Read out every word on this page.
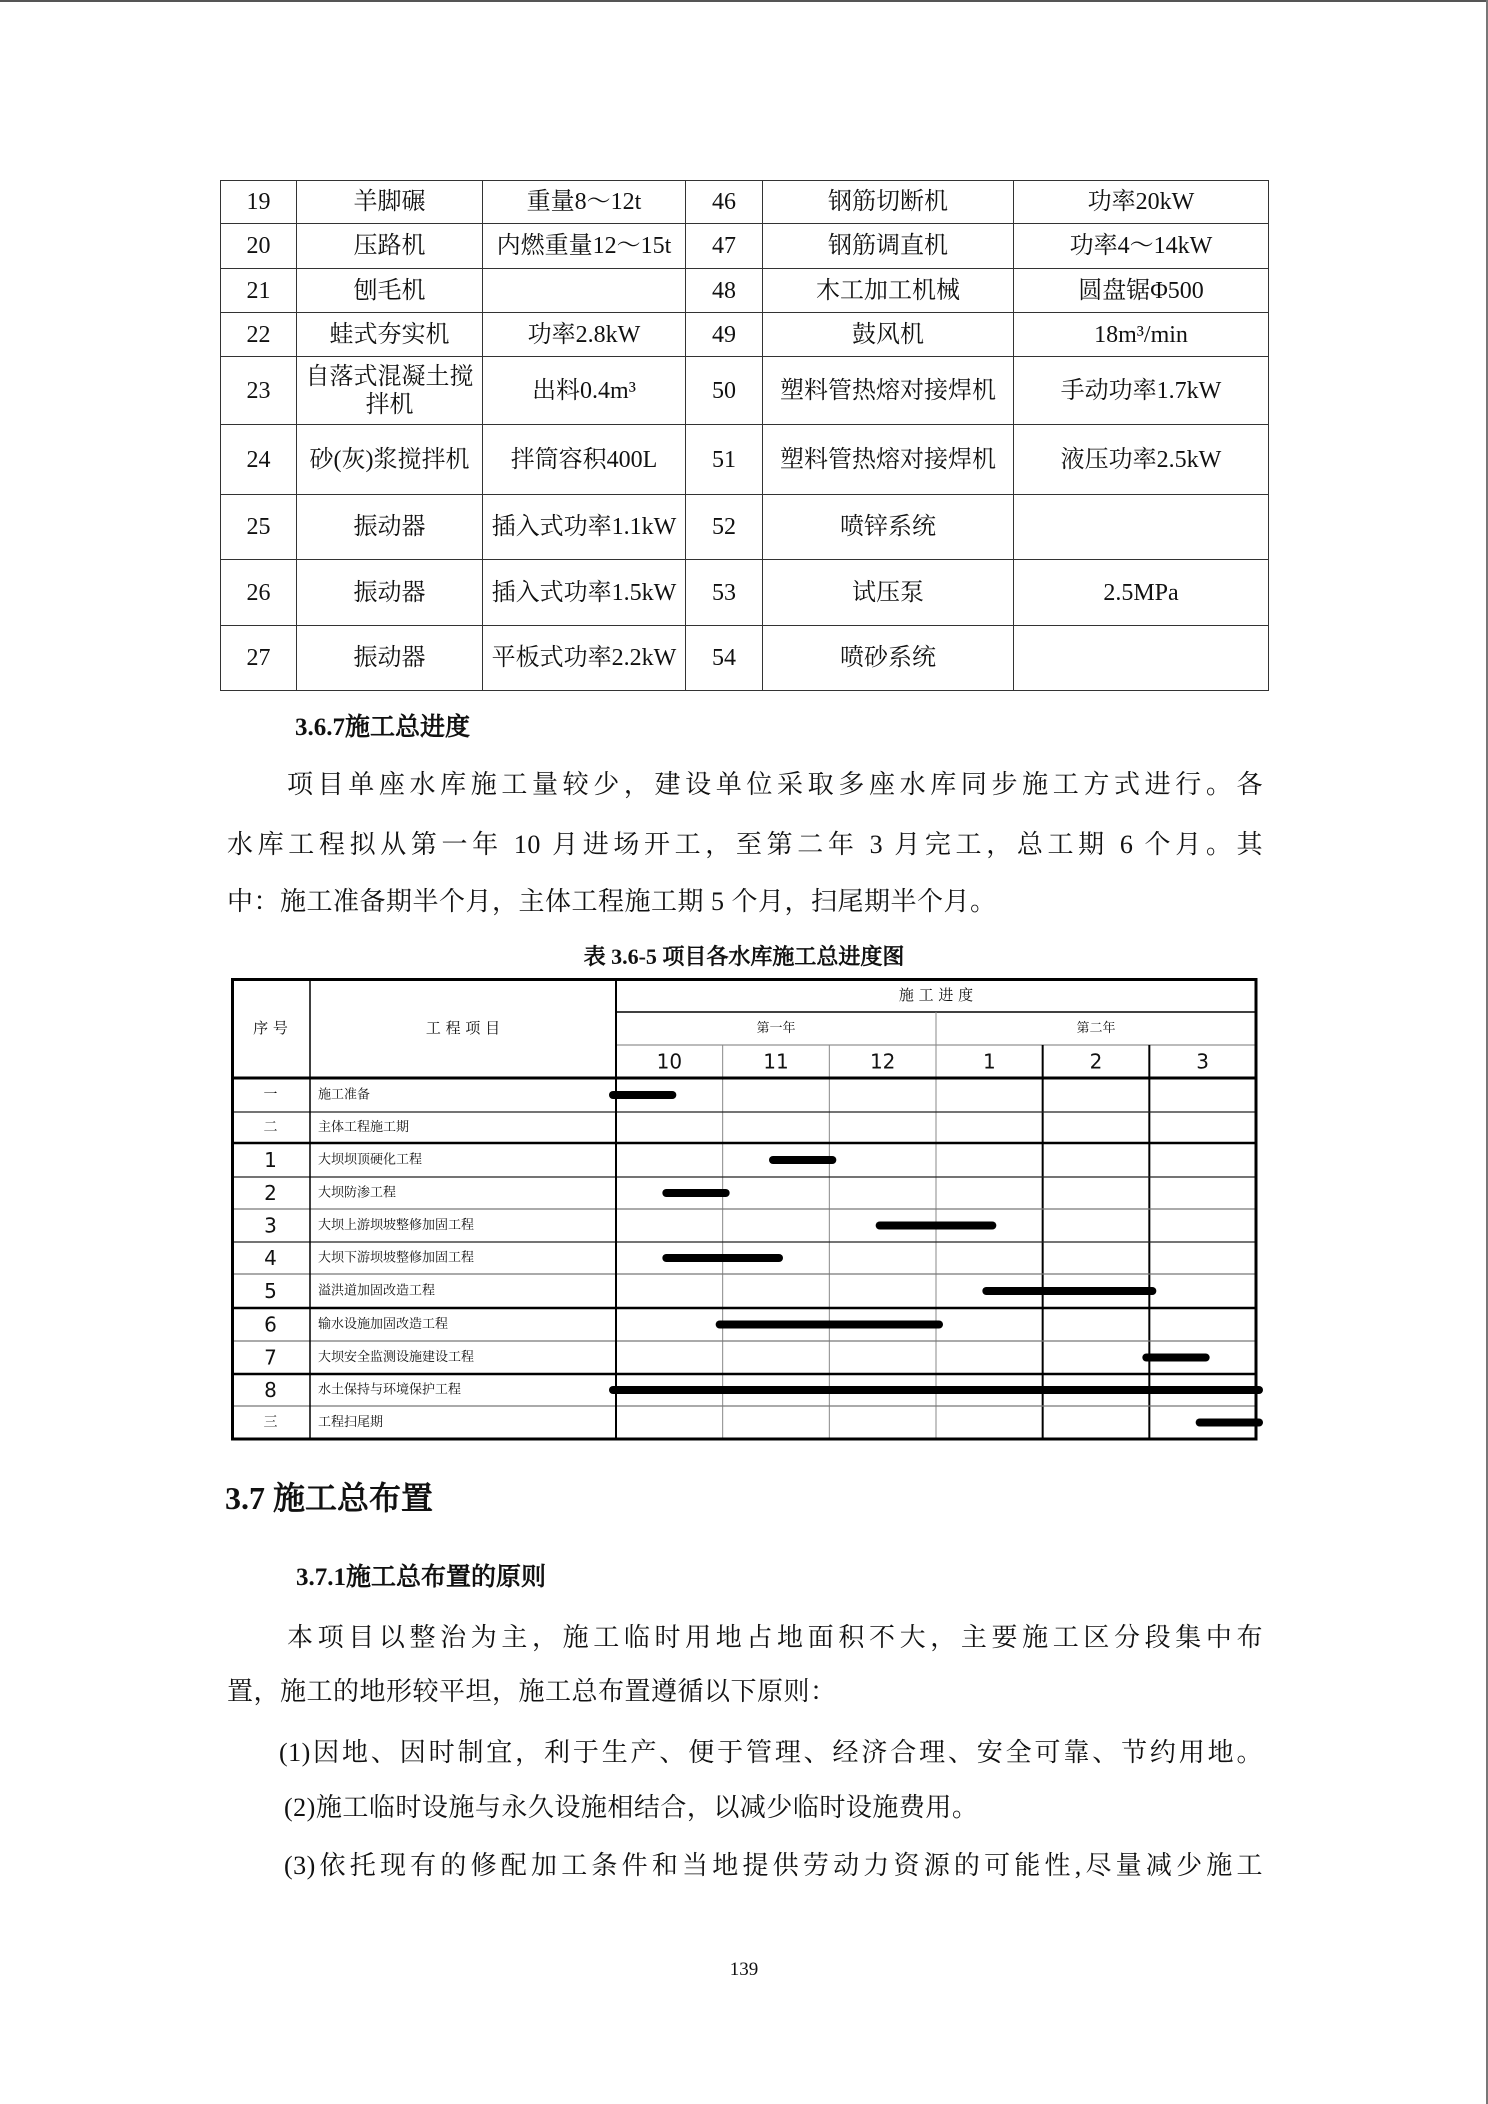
19	羊脚碾	重量8～12t	46	钢筋切断机	功率20kW
20	压路机	内燃重量12～15t	47	钢筋调直机	功率4～14kW
21	刨毛机		48	木工加工机械	圆盘锯Φ500
22	蛙式夯实机	功率2.8kW	49	鼓风机	18m³/min
23	自落式混凝土搅拌机	出料0.4m³	50	塑料管热熔对接焊机	手动功率1.7kW
24	砂(灰)浆搅拌机	拌筒容积400L	51	塑料管热熔对接焊机	液压功率2.5kW
25	振动器	插入式功率1.1kW	52	喷锌系统	
26	振动器	插入式功率1.5kW	53	试压泵	2.5MPa
27	振动器	平板式功率2.2kW	54	喷砂系统	
3.6.7施工总进度
项目单座水库施工量较少，建设单位采取多座水库同步施工方式进行。各
水库工程拟从第一年 10 月进场开工，至第二年 3 月完工，总工期 6 个月。其
中：施工准备期半个月，主体工程施工期 5 个月，扫尾期半个月。
表 3.6-5 项目各水库施工总进度图
序 号	工 程 项 目
施 工 进 度
第一年
10	11	12
第二年
1	2	3
一	施工准备
二	主体工程施工期
1	大坝坝顶硬化工程
2	大坝防渗工程
3	大坝上游坝坡整修加固工程
4	大坝下游坝坡整修加固工程
5	溢洪道加固改造工程
6	输水设施加固改造工程
7	大坝安全监测设施建设工程
8	水土保持与环境保护工程
三	工程扫尾期
3.7 施工总布置
3.7.1施工总布置的原则
本项目以整治为主，施工临时用地占地面积不大，主要施工区分段集中布
置，施工的地形较平坦，施工总布置遵循以下原则：
(1)因地、因时制宜，利于生产、便于管理、经济合理、安全可靠、节约用地。
(2)施工临时设施与永久设施相结合，以减少临时设施费用。
(3)依托现有的修配加工条件和当地提供劳动力资源的可能性,尽量减少施工
139
